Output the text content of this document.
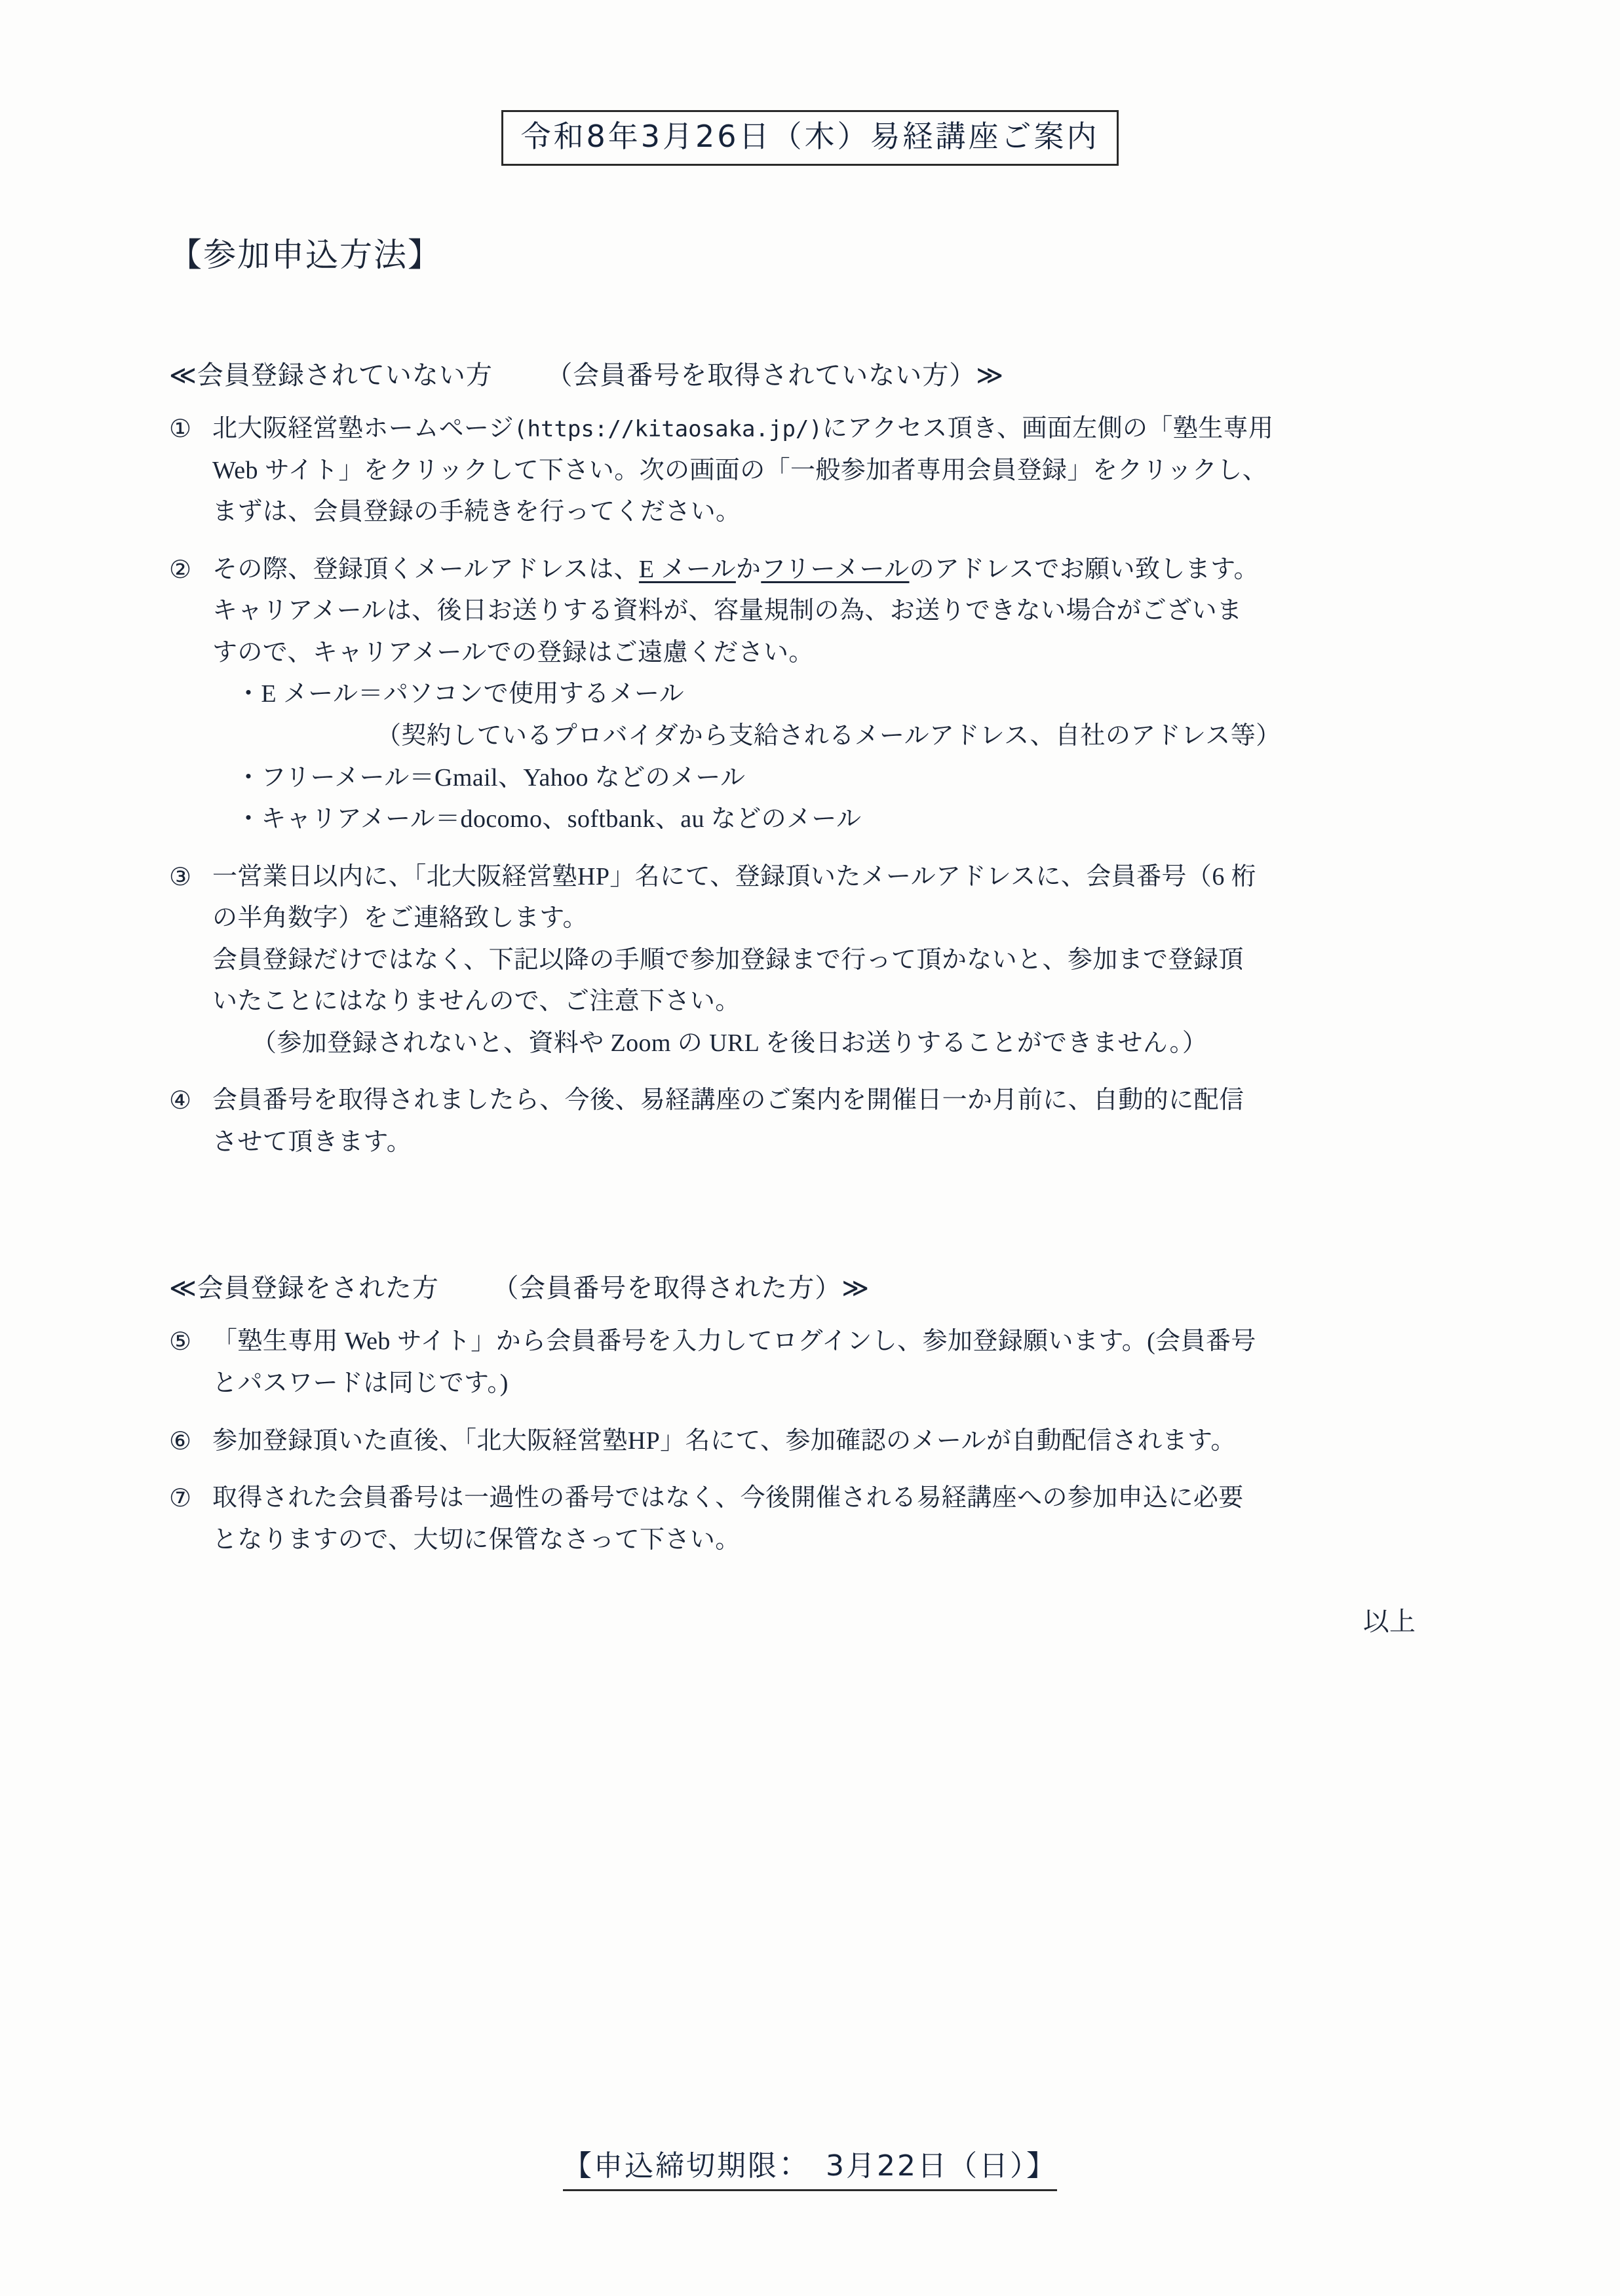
令和8年3月26日（木）易経講座ご案内
【参加申込方法】
≪会員登録されていない方 （会員番号を取得されていない方）≫
① 北大阪経営塾ホームページ(https://kitaosaka.jp/)にアクセス頂き、画面左側の「塾生専用

Web サイト」をクリックして下さい。次の画面の「一般参加者専用会員登録」をクリックし、

まずは、会員登録の手続きを行ってください。

② その際、登録頂くメールアドレスは、E メールかフリーメールのアドレスでお願い致します。

キャリアメールは、後日お送りする資料が、容量規制の為、お送りできない場合がございま

すので、キャリアメールでの登録はご遠慮ください。

・E メール＝パソコンで使用するメール

（契約しているプロバイダから支給されるメールアドレス、自社のアドレス等）

・フリーメール＝Gmail、Yahoo などのメール

・キャリアメール＝docomo、softbank、au などのメール

③ 一営業日以内に、「北大阪経営塾HP」名にて、登録頂いたメールアドレスに、会員番号（6 桁

の半角数字）をご連絡致します。

会員登録だけではなく、下記以降の手順で参加登録まで行って頂かないと、参加まで登録頂

いたことにはなりませんので、ご注意下さい。

（参加登録されないと、資料や Zoom の URL を後日お送りすることができません。）

④ 会員番号を取得されましたら、今後、易経講座のご案内を開催日一か月前に、自動的に配信

させて頂きます。

≪会員登録をされた方 （会員番号を取得された方）≫
⑤ 「塾生専用 Web サイト」から会員番号を入力してログインし、参加登録願います。(会員番号

とパスワードは同じです。)

⑥ 参加登録頂いた直後、「北大阪経営塾HP」名にて、参加確認のメールが自動配信されます。

⑦ 取得された会員番号は一過性の番号ではなく、今後開催される易経講座への参加申込に必要

となりますので、大切に保管なさって下さい。

以上
【申込締切期限：　3月22日（日）】
